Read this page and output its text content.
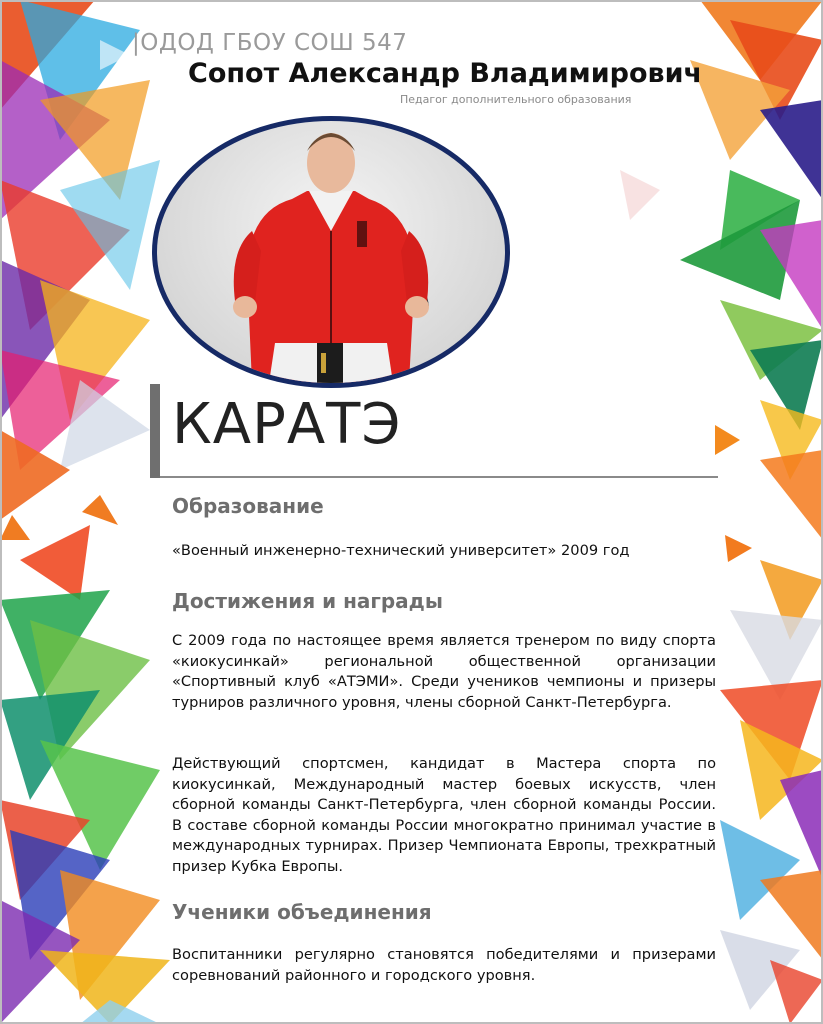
|ОДОД ГБОУ СОШ 547
Сопот Александр Владимирович
Педагог дополнительного образования
КАРАТЭ
Образование
«Военный инженерно-технический университет» 2009 год
Достижения и награды
С 2009 года по настоящее время является тренером по виду спорта «киокусинкай» региональной общественной организации «Спортивный клуб «АТЭМИ». Среди учеников чемпионы и призеры турниров различного уровня, члены сборной Санкт-Петербурга.
Действующий спортсмен, кандидат в Мастера спорта по киокусинкай, Международный мастер боевых искусств, член сборной команды Санкт-Петербурга, член сборной команды России. В составе сборной команды России многократно принимал участие в международных турнирах. Призер Чемпионата Европы, трехкратный призер Кубка Европы.
Ученики объединения
Воспитанники регулярно становятся победителями и призерами соревнований районного и городского уровня.
